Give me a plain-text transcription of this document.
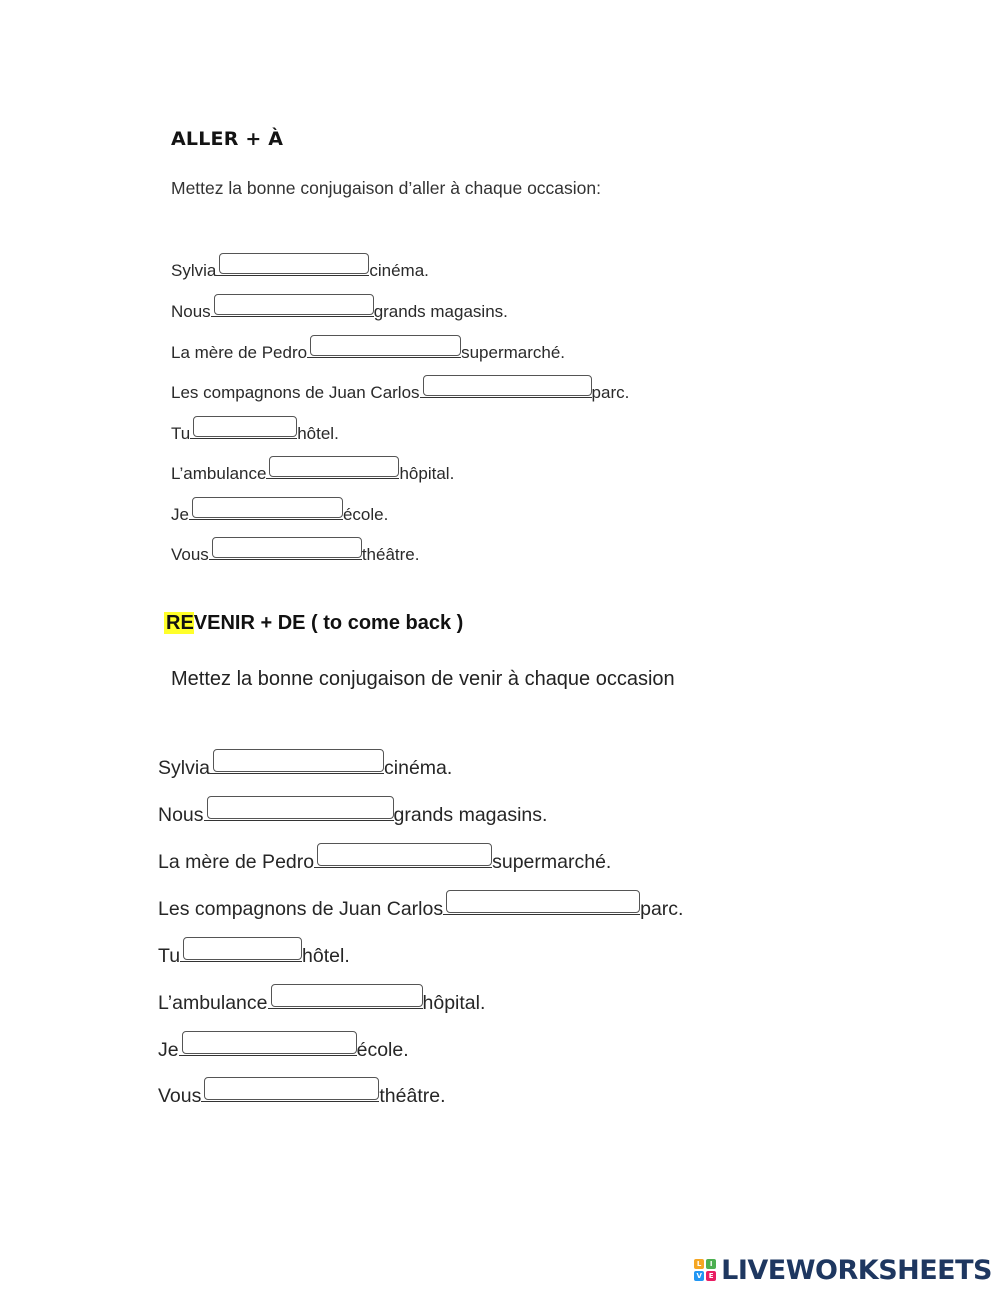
ALLER + À
Mettez la bonne conjugaison d’aller à chaque occasion:
Sylvia	cinéma.
Nous	grands magasins.
La mère de Pedro	supermarché.
Les compagnons de Juan Carlos	parc.
Tu	hôtel.
L’ambulance	hôpital.
Je	école.
Vous	théâtre.
REVENIR + DE ( to come back )
Mettez la bonne conjugaison de venir à chaque occasion
Sylvia	cinéma.
Nous	grands magasins.
La mère de Pedro	supermarché.
Les compagnons de Juan Carlos	parc.
Tu	hôtel.
L’ambulance	hôpital.
Je	école.
Vous	théâtre.
L	I
V E LIVEWORKSHEETS
